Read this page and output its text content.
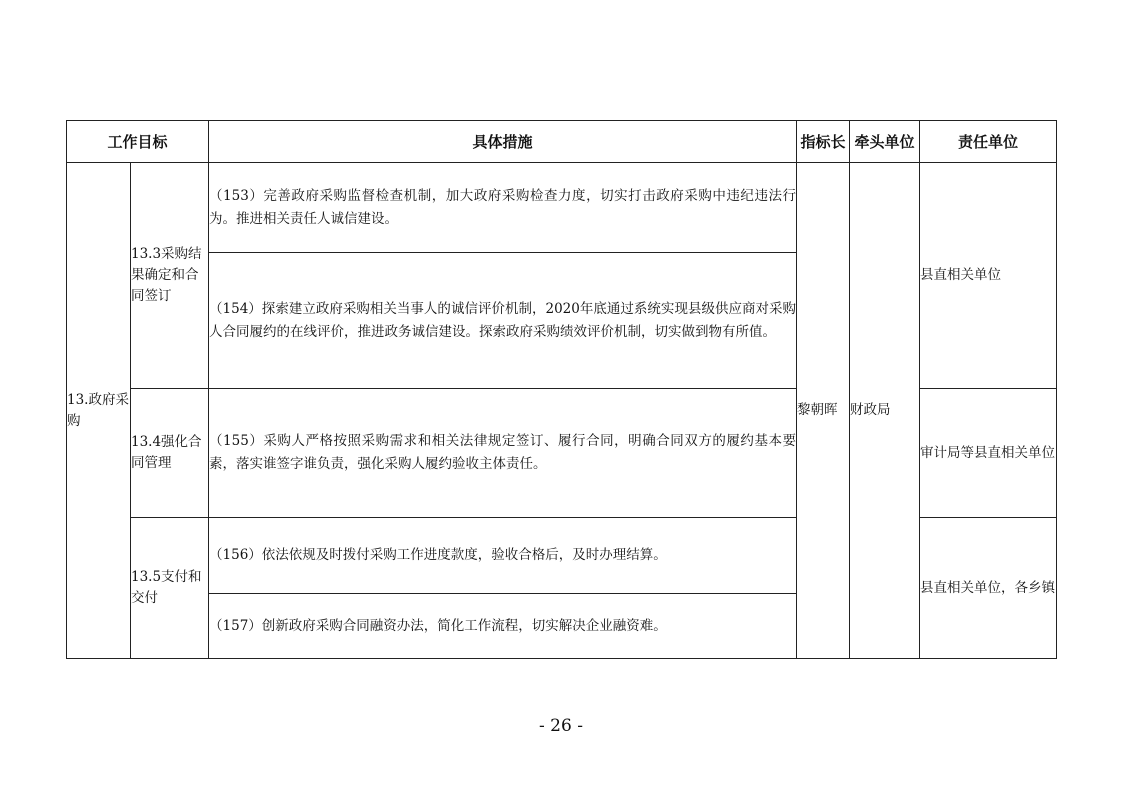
工作目标		具体措施	指标长	牵头单位	责任单位
13.政府采购	13.3采购结果确定和合同签订	（153）完善政府采购监督检查机制，加大政府采购检查力度，切实打击政府采购中违纪违法行为。推进相关责任人诚信建设。	黎朝晖	财政局	县直相关单位
		（154）探索建立政府采购相关当事人的诚信评价机制，2020年底通过系统实现县级供应商对采购人合同履约的在线评价，推进政务诚信建设。探索政府采购绩效评价机制，切实做到物有所值。			
	13.4强化合同管理	（155）采购人严格按照采购需求和相关法律规定签订、履行合同，明确合同双方的履约基本要素，落实谁签字谁负责，强化采购人履约验收主体责任。			审计局等县直相关单位
	13.5支付和交付	（156）依法依规及时拨付采购工作进度款度，验收合格后，及时办理结算。			县直相关单位，各乡镇
		（157）创新政府采购合同融资办法，简化工作流程，切实解决企业融资难。			
- 26 -
